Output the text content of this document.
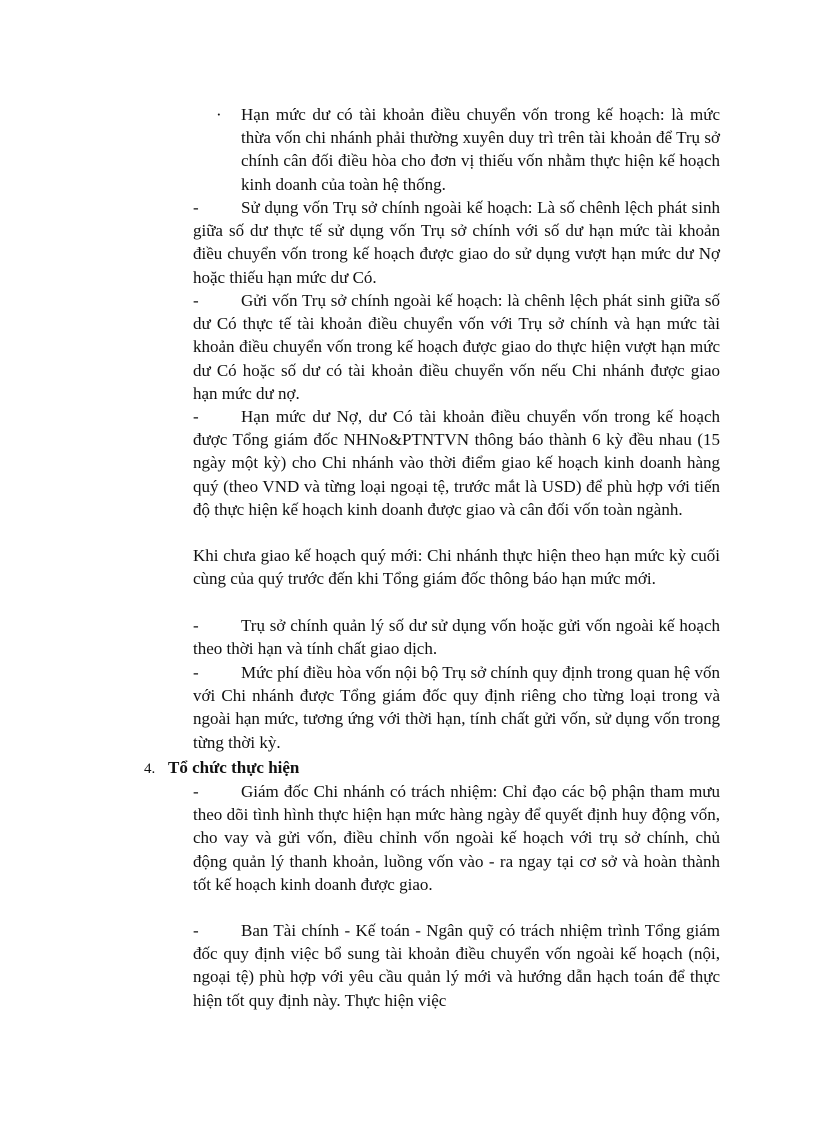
·	Hạn mức dư có tài khoản điều chuyển vốn trong kế hoạch: là mức thừa vốn chi nhánh phải thường xuyên duy trì trên tài khoản để Trụ sở chính cân đối điều hòa cho đơn vị thiếu vốn nhằm thực hiện kế hoạch kinh doanh của toàn hệ thống.

- Sử dụng vốn Trụ sở chính ngoài kế hoạch: Là số chênh lệch phát sinh giữa số dư thực tế sử dụng vốn Trụ sở chính với số dư hạn mức tài khoản điều chuyển vốn trong kế hoạch được giao do sử dụng vượt hạn mức dư Nợ hoặc thiếu hạn mức dư Có.

- Gửi vốn Trụ sở chính ngoài kế hoạch: là chênh lệch phát sinh giữa số dư Có thực tế tài khoản điều chuyển vốn với Trụ sở chính và hạn mức tài khoản điều chuyển vốn trong kế hoạch được giao do thực hiện vượt hạn mức dư Có hoặc số dư có tài khoản điều chuyển vốn nếu Chi nhánh được giao hạn mức dư nợ.

- Hạn mức dư Nợ, dư Có tài khoản điều chuyển vốn trong kế hoạch được Tổng giám đốc NHNo&PTNTVN thông báo thành 6 kỳ đều nhau (15 ngày một kỳ) cho Chi nhánh vào thời điểm giao kế hoạch kinh doanh hàng quý (theo VND và từng loại ngoại tệ, trước mắt là USD) để phù hợp với tiến độ thực hiện kế hoạch kinh doanh được giao và cân đối vốn toàn ngành.

Khi chưa giao kế hoạch quý mới: Chi nhánh thực hiện theo hạn mức kỳ cuối cùng của quý trước đến khi Tổng giám đốc thông báo hạn mức mới.

- Trụ sở chính quản lý số dư sử dụng vốn hoặc gửi vốn ngoài kế hoạch theo thời hạn và tính chất giao dịch.

- Mức phí điều hòa vốn nội bộ Trụ sở chính quy định trong quan hệ vốn với Chi nhánh được Tổng giám đốc quy định riêng cho từng loại trong và ngoài hạn mức, tương ứng với thời hạn, tính chất gửi vốn, sử dụng vốn trong từng thời kỳ.

4. Tổ chức thực hiện

- Giám đốc Chi nhánh có trách nhiệm: Chỉ đạo các bộ phận tham mưu theo dõi tình hình thực hiện hạn mức hàng ngày để quyết định huy động vốn, cho vay và gửi vốn, điều chỉnh vốn ngoài kế hoạch với trụ sở chính, chủ động quản lý thanh khoản, luồng vốn vào - ra ngay tại cơ sở và hoàn thành tốt kế hoạch kinh doanh được giao.

- Ban Tài chính - Kế toán - Ngân quỹ có trách nhiệm trình Tổng giám đốc quy định việc bổ sung tài khoản điều chuyển vốn ngoài kế hoạch (nội, ngoại tệ) phù hợp với yêu cầu quản lý mới và hướng dẫn hạch toán để thực hiện tốt quy định này. Thực hiện việc
